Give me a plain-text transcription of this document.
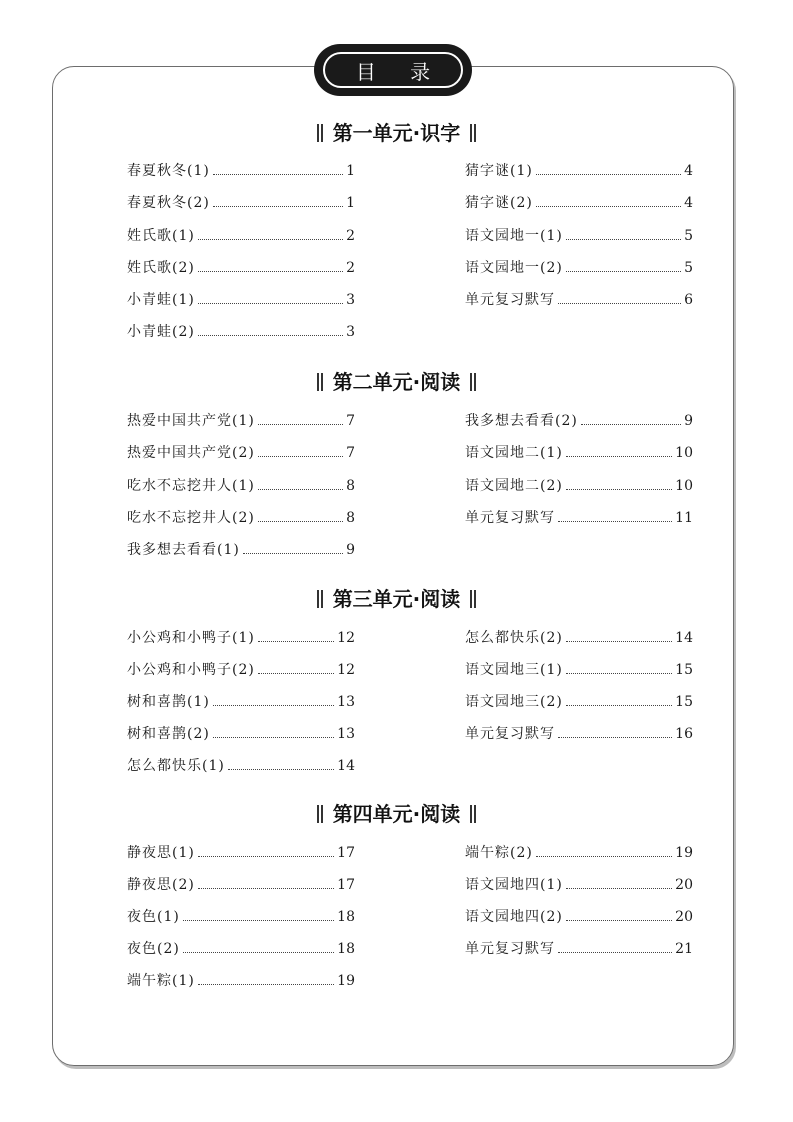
目 录
第一单元·识字
春夏秋冬(1)	1
春夏秋冬(2)	1
姓氏歌(1)	2
姓氏歌(2)	2
小青蛙(1)	3
小青蛙(2)	3
猜字谜(1)	4
猜字谜(2)	4
语文园地一(1)	5
语文园地一(2)	5
单元复习默写	6
第二单元·阅读
热爱中国共产党(1)	7
热爱中国共产党(2)	7
吃水不忘挖井人(1)	8
吃水不忘挖井人(2)	8
我多想去看看(1)	9
我多想去看看(2)	9
语文园地二(1)	10
语文园地二(2)	10
单元复习默写	11
第三单元·阅读
小公鸡和小鸭子(1)	12
小公鸡和小鸭子(2)	12
树和喜鹊(1)	13
树和喜鹊(2)	13
怎么都快乐(1)	14
怎么都快乐(2)	14
语文园地三(1)	15
语文园地三(2)	15
单元复习默写	16
第四单元·阅读
静夜思(1)	17
静夜思(2)	17
夜色(1)	18
夜色(2)	18
端午粽(1)	19
端午粽(2)	19
语文园地四(1)	20
语文园地四(2)	20
单元复习默写	21
